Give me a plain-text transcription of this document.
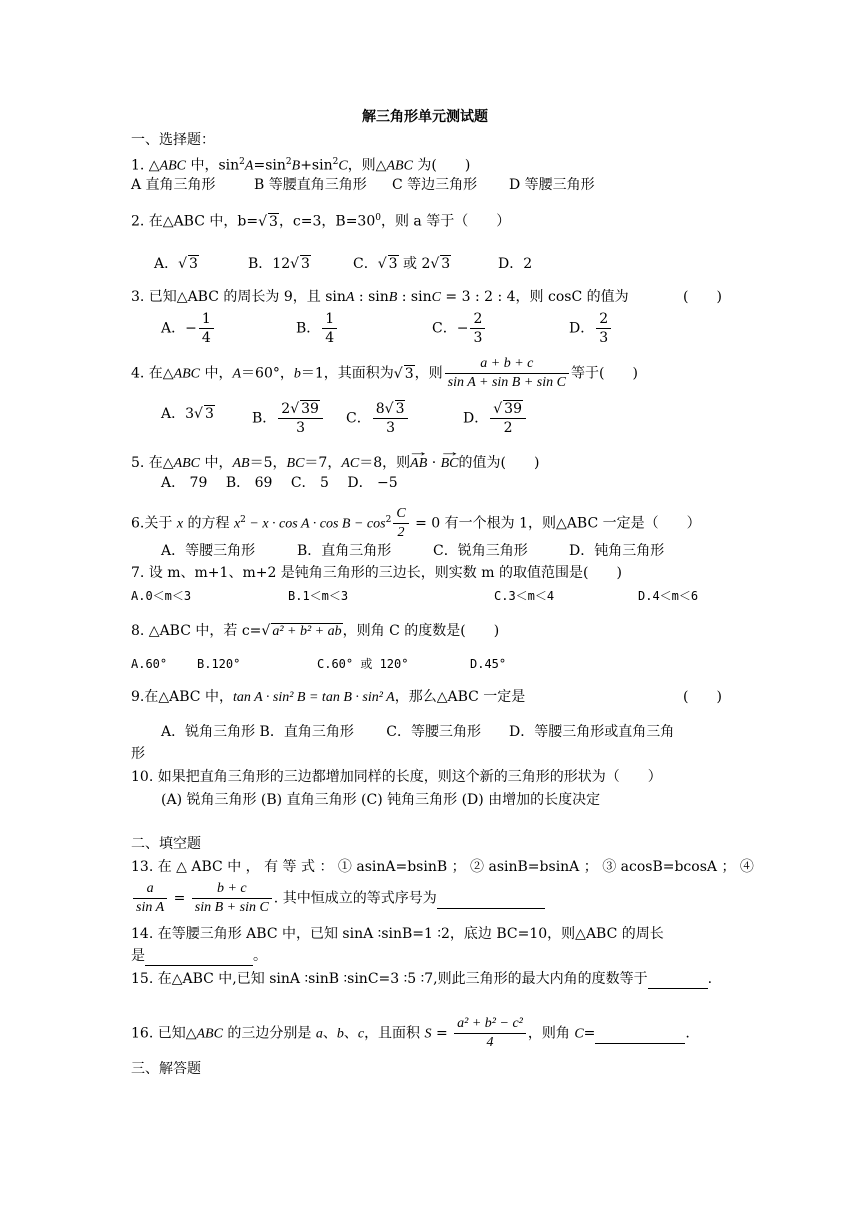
解三角形单元测试题
一、选择题：
1. △ABC 中，$\sin^2A=\sin^2B+\sin^2C$，则△ABC 为(　　)
A 直角三角形	B 等腰直角三角形 C 等边三角形 D 等腰三角形
2. 在△ABC 中，b= √ 3，c=3，$B=30^0$，则 a 等于（　　）
A． √ 3	B．12 √ 3	C． √ 3 或 2 √ 3	D．2
3. 已知△ABC 的周长为 9，且 sinA : sinB : sinC = 3 : 2 : 4，则 cosC 的值为	(　　)
A．− $\frac{1}{4}$	B． $\frac{1}{4}$	C．− $\frac{2}{3}$	D． $\frac{2}{3}$
4. 在△ABC 中，A＝60°，b＝1，其面积为 √ 3，则 $\frac{a + b + c}{\text{sin A + sin B + sin C}}$ 等于(　　)
A．3 √ 3	B． $\frac{2 √ 39}{3}$ C． $\frac{8 √ 3}{3}$	D． √ $\frac{39}{2}$
5. 在△ABC 中，AB＝5，BC＝7，AC＝8，则→ AB · → BC的值为(　　)
A． 79　 B． 69　 C． 5　 D． −5
6.关于 x 的方程 $x^2 - x \cdot \cos A \cdot \cos B - \cos^2 \frac{C}{2} = 0$ 有一个根为 1，则△ABC 一定是（　　）
A．等腰三角形	B．直角三角形	C．锐角三角形	D．钝角三角形
7. 设 m、m+1、m+2 是钝角三角形的三边长，则实数 m 的取值范围是(　　)
A.0＜m＜3	B.1＜m＜3	C.3＜m＜4	D.4＜m＜6
8. △ABC 中，若 c= √ a² + b² + ab，则角 C 的度数是(　　)
A.60° B.120°	C.60° 或 120°	D.45°
9.在△ABC 中，tan A · sin² B = tan B · sin² A，那么△ABC 一定是	(　　)
A．锐角三角形 B．直角三角形　　 C．等腰三角形　　D．等腰三角形或直角三角
形
10. 如果把直角三角形的三边都增加同样的长度，则这个新的三角形的形状为（　　）
(A) 锐角三角形 (B) 直角三角形 (C) 钝角三角形 (D) 由增加的长度决定
二、填空题
13. 在 △ ABC 中 ， 有 等 式 ： ① asinA=bsinB ； ② asinB=bsinA ； ③ acosB=bcosA ； ④
$\frac{a}{\text{sin A}} = \frac{b + c}{\text{sin B + sin C}}$ . 其中恒成立的等式序号为
14. 在等腰三角形 ABC 中，已知 sinA ∶sinB=1 ∶2，底边 BC=10，则△ABC 的周长
是	。
15. 在△ABC 中,已知 sinA ∶sinB ∶sinC=3 ∶5 ∶7,则此三角形的最大内角的度数等于	.
16. 已知△ABC 的三边分别是 a、b、c，且面积 $S = \frac{\text{a² + b² − c²}}{4}$ ，则角 C=	.
三、解答题
